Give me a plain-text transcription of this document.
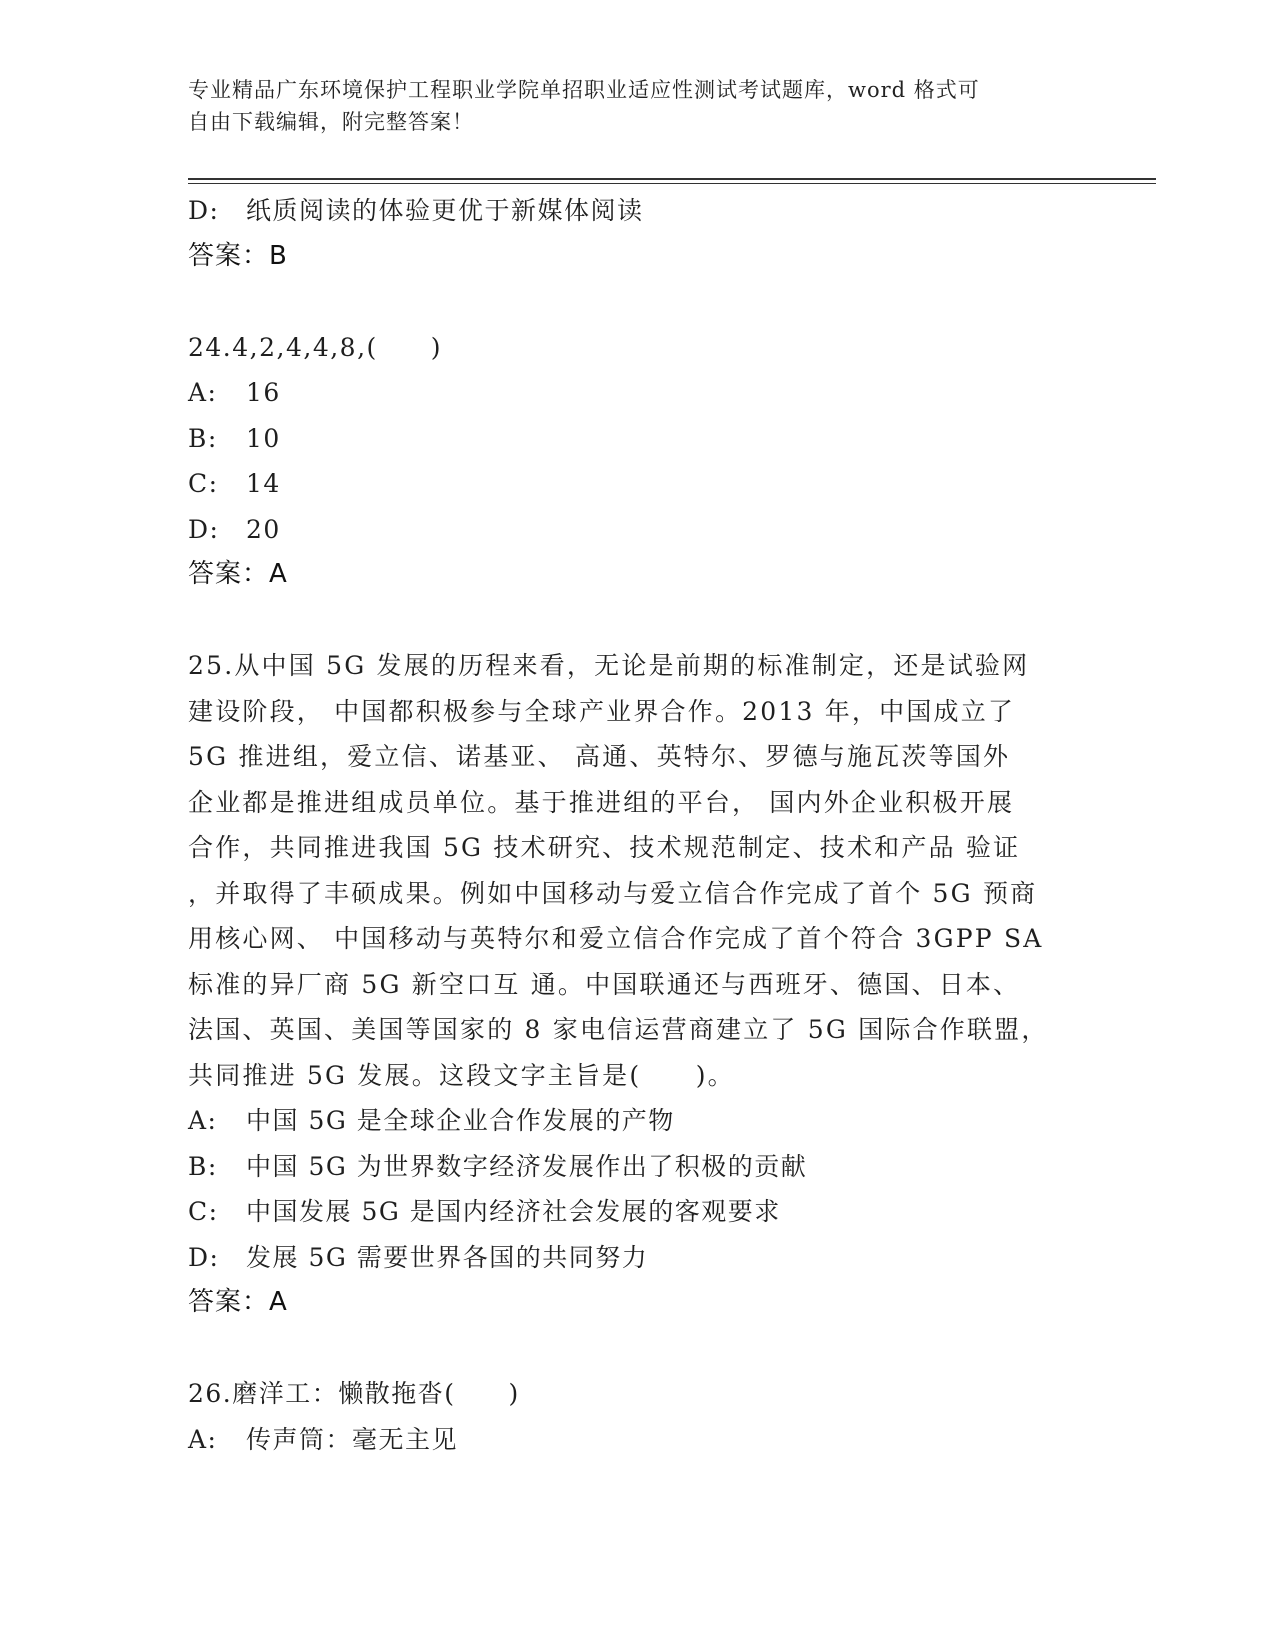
专业精品广东环境保护工程职业学院单招职业适应性测试考试题库，word 格式可
自由下载编辑，附完整答案！
D: 纸质阅读的体验更优于新媒体阅读
答案：B
24.4,2,4,4,8,(　　)
A: 16
B: 10
C: 14
D: 20
答案：A
25.从中国 5G 发展的历程来看，无论是前期的标准制定，还是试验网
建设阶段， 中国都积极参与全球产业界合作。2013 年，中国成立了
5G 推进组，爱立信、诺基亚、 高通、英特尔、罗德与施瓦茨等国外
企业都是推进组成员单位。基于推进组的平台， 国内外企业积极开展
合作，共同推进我国 5G 技术研究、技术规范制定、技术和产品 验证
，并取得了丰硕成果。例如中国移动与爱立信合作完成了首个 5G 预商
用核心网、 中国移动与英特尔和爱立信合作完成了首个符合 3GPP SA
标准的异厂商 5G 新空口互 通。中国联通还与西班牙、德国、日本、
法国、英国、美国等国家的 8 家电信运营商建立了 5G 国际合作联盟，
共同推进 5G 发展。这段文字主旨是(　　)。
A: 中国 5G 是全球企业合作发展的产物
B: 中国 5G 为世界数字经济发展作出了积极的贡献
C: 中国发展 5G 是国内经济社会发展的客观要求
D: 发展 5G 需要世界各国的共同努力
答案：A
26.磨洋工：懒散拖沓(　　)
A: 传声筒：毫无主见
